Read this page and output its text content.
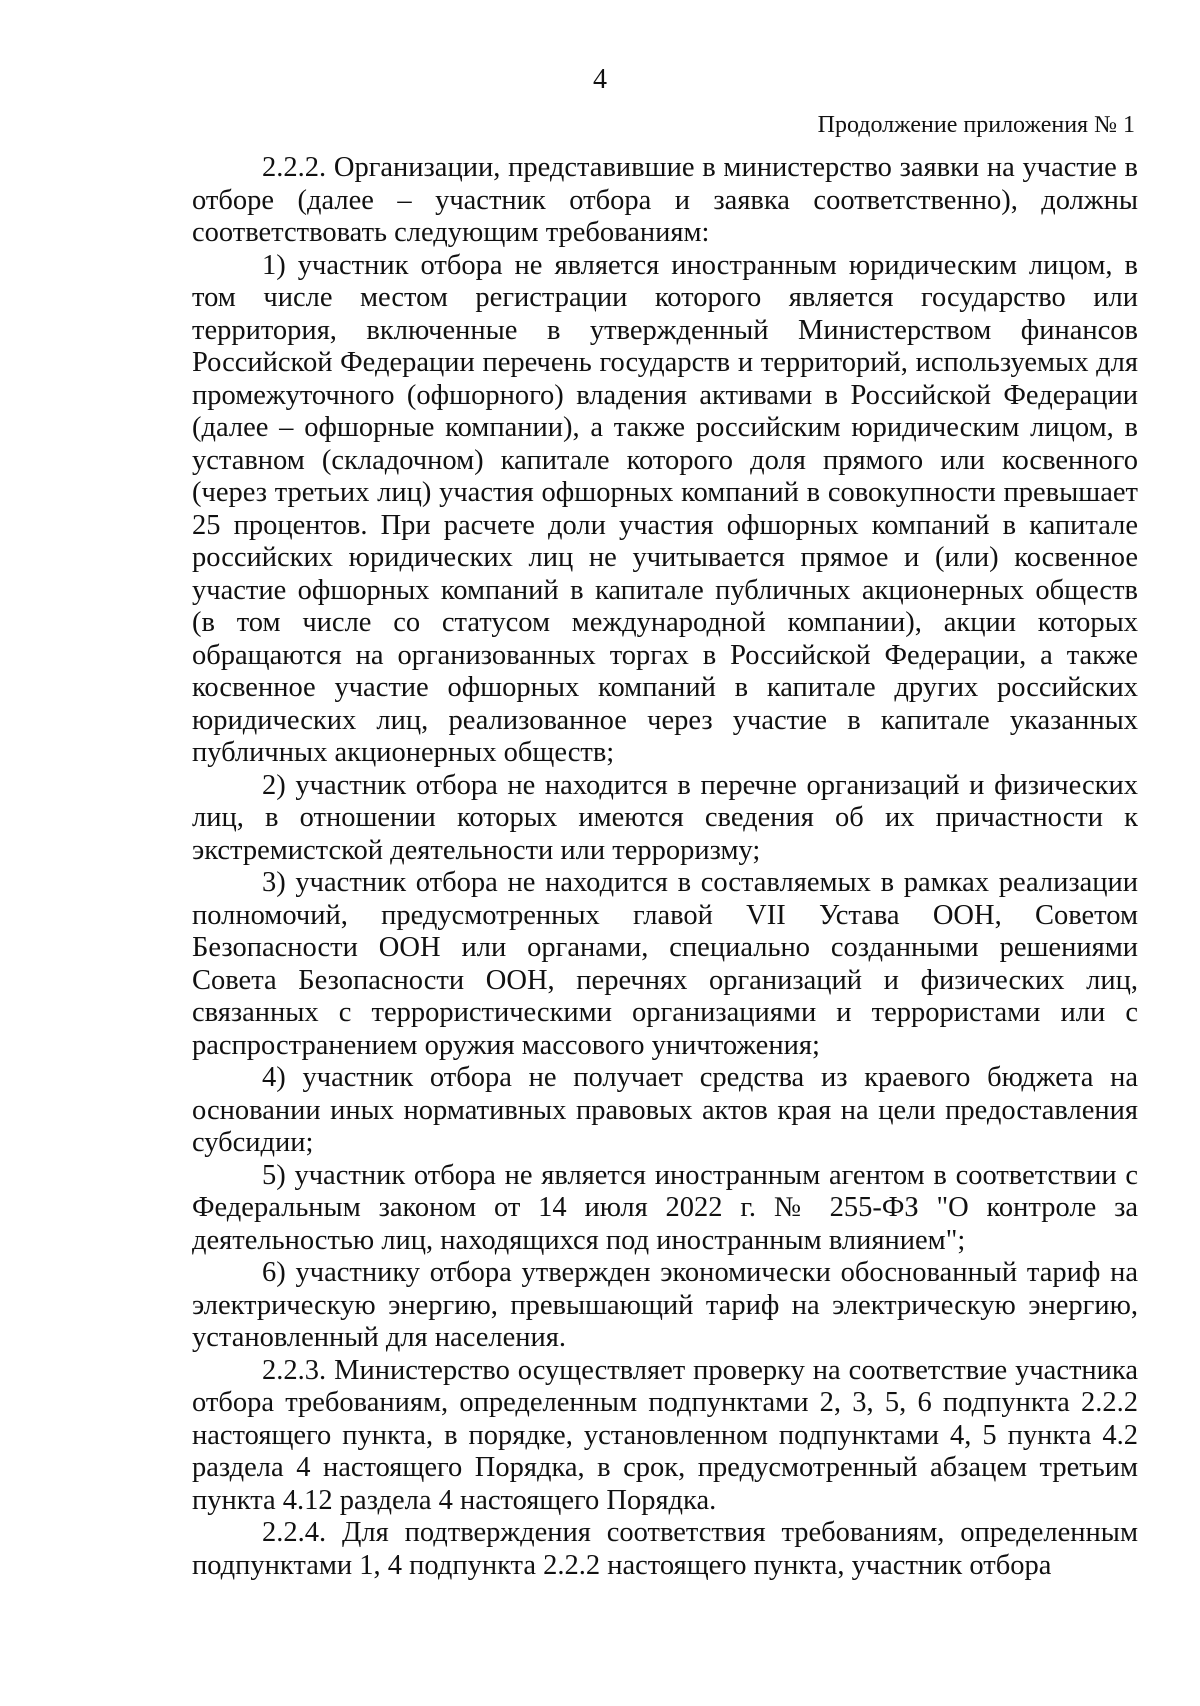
4
Продолжение приложения № 1

2.2.2. Организации, представившие в министерство заявки на участие в отборе (далее – участник отбора и заявка соответственно), должны соответствовать следующим требованиям:

1) участник отбора не является иностранным юридическим лицом, в том числе местом регистрации которого является государство или территория, включенные в утвержденный Министерством финансов Российской Федерации перечень государств и территорий, используемых для промежуточного (офшорного) владения активами в Российской Федерации (далее – офшорные компании), а также российским юридическим лицом, в уставном (складочном) капитале которого доля прямого или косвенного (через третьих лиц) участия офшорных компаний в совокупности превышает 25 процентов. При расчете доли участия офшорных компаний в капитале российских юридических лиц не учитывается прямое и (или) косвенное участие офшорных компаний в капитале публичных акционерных обществ (в том числе со статусом международной компании), акции которых обращаются на организованных торгах в Российской Федерации, а также косвенное участие офшорных компаний в капитале других российских юридических лиц, реализованное через участие в капитале указанных публичных акционерных обществ;

2) участник отбора не находится в перечне организаций и физических лиц, в отношении которых имеются сведения об их причастности к экстремистской деятельности или терроризму;

3) участник отбора не находится в составляемых в рамках реализации полномочий, предусмотренных главой VII Устава ООН, Советом Безопасности ООН или органами, специально созданными решениями Совета Безопасности ООН, перечнях организаций и физических лиц, связанных с террористическими организациями и террористами или с распространением оружия массового уничтожения;

4) участник отбора не получает средства из краевого бюджета на основании иных нормативных правовых актов края на цели предоставления субсидии;

5) участник отбора не является иностранным агентом в соответствии с Федеральным законом от 14 июля 2022 г. № 255-ФЗ "О контроле за деятельностью лиц, находящихся под иностранным влиянием";

6) участнику отбора утвержден экономически обоснованный тариф на электрическую энергию, превышающий тариф на электрическую энергию, установленный для населения.

2.2.3. Министерство осуществляет проверку на соответствие участника отбора требованиям, определенным подпунктами 2, 3, 5, 6 подпункта 2.2.2 настоящего пункта, в порядке, установленном подпунктами 4, 5 пункта 4.2 раздела 4 настоящего Порядка, в срок, предусмотренный абзацем третьим пункта 4.12 раздела 4 настоящего Порядка.

2.2.4. Для подтверждения соответствия требованиям, определенным подпунктами 1, 4 подпункта 2.2.2 настоящего пункта, участник отбора
